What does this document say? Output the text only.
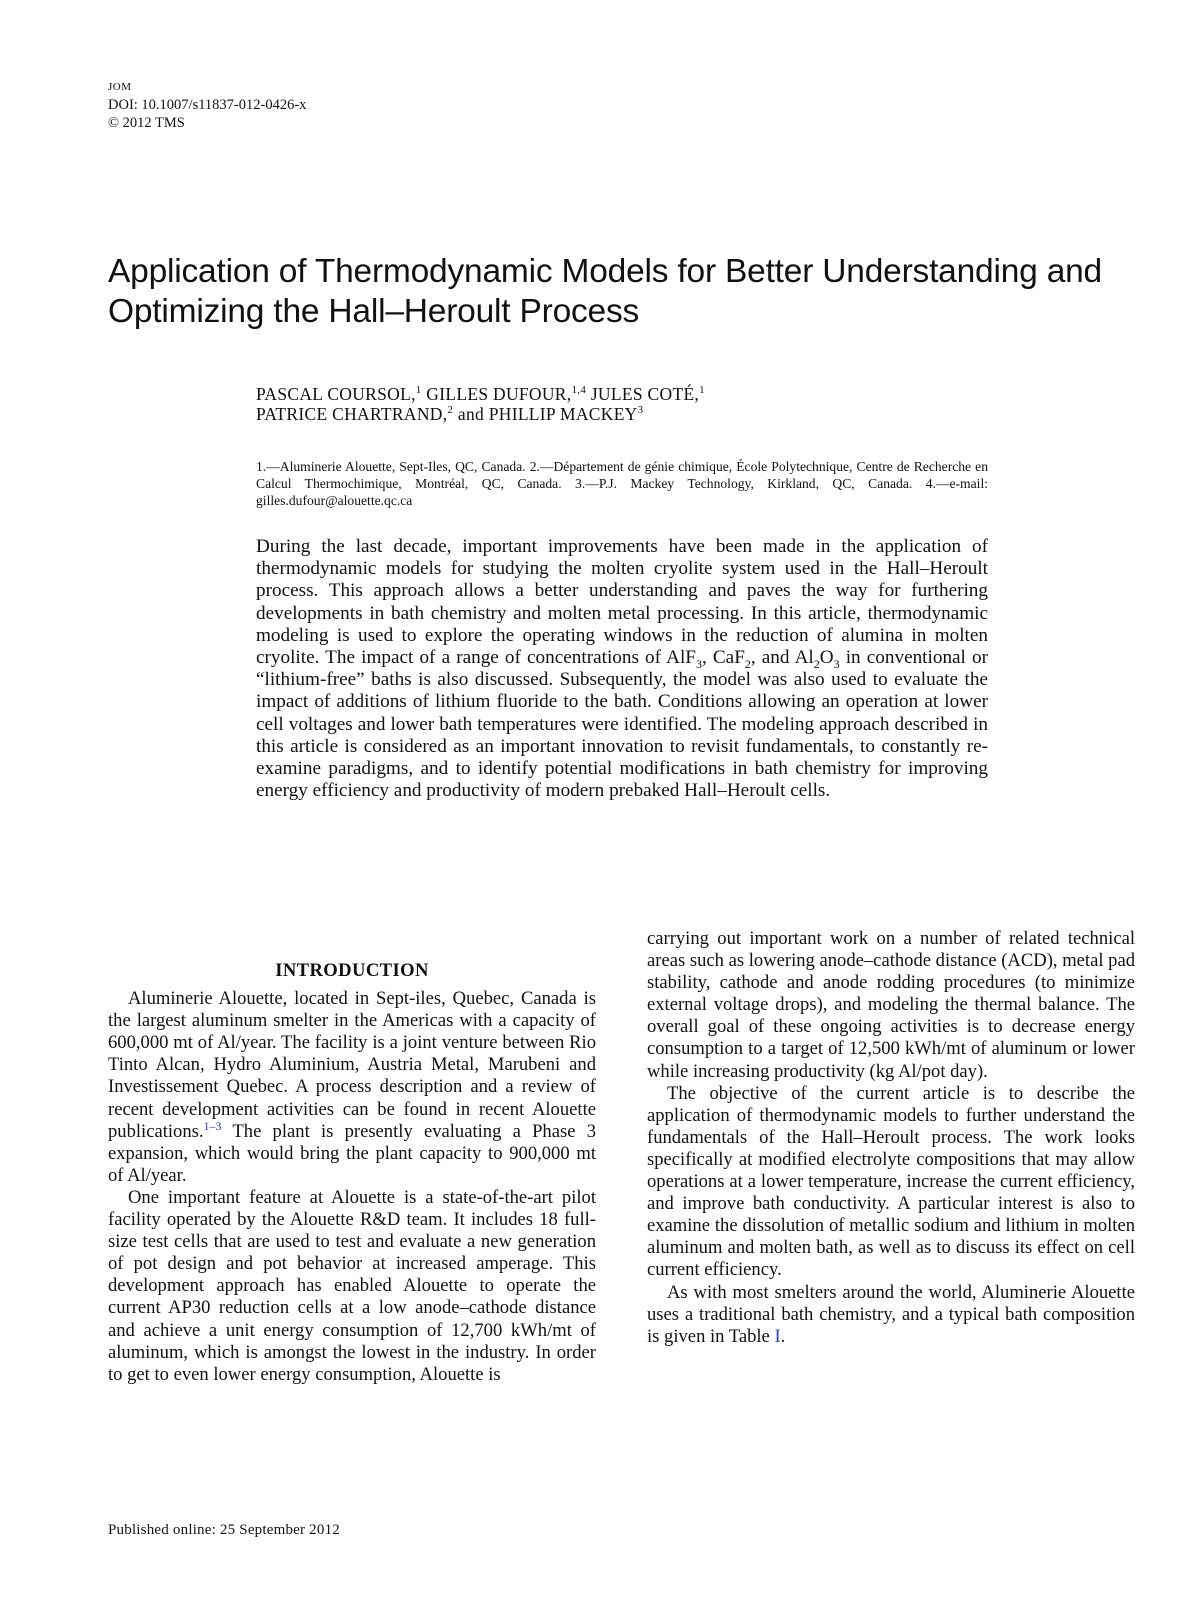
JOM
DOI: 10.1007/s11837-012-0426-x
© 2012 TMS
Application of Thermodynamic Models for Better Understanding and Optimizing the Hall–Heroult Process
PASCAL COURSOL,$^1$ GILLES DUFOUR,$^{1,4}$ JULES COTÉ,$^1$
PATRICE CHARTRAND,$^2$ and PHILLIP MACKEY$^3$
1.—Aluminerie Alouette, Sept-Iles, QC, Canada. 2.—Département de génie chimique, École Polytechnique, Centre de Recherche en Calcul Thermochimique, Montréal, QC, Canada. 3.—P.J. Mackey Technology, Kirkland, QC, Canada. 4.—e-mail: gilles.dufour@alouette.qc.ca
During the last decade, important improvements have been made in the application of thermodynamic models for studying the molten cryolite system used in the Hall–Heroult process. This approach allows a better understanding and paves the way for furthering developments in bath chemistry and molten metal processing. In this article, thermodynamic modeling is used to explore the operating windows in the reduction of alumina in molten cryolite. The impact of a range of concentrations of AlF$_3$, CaF$_2$, and $Al_2O_3$ in conventional or “lithium-free” baths is also discussed. Subsequently, the model was also used to evaluate the impact of additions of lithium fluoride to the bath. Conditions allowing an operation at lower cell voltages and lower bath temperatures were identified. The modeling approach described in this article is considered as an important innovation to revisit fundamentals, to constantly re-examine paradigms, and to identify potential modifications in bath chemistry for improving energy efficiency and productivity of modern prebaked Hall–Heroult cells.
INTRODUCTION

Aluminerie Alouette, located in Sept-iles, Quebec, Canada is the largest aluminum smelter in the Americas with a capacity of 600,000 mt of Al/year. The facility is a joint venture between Rio Tinto Alcan, Hydro Aluminium, Austria Metal, Marubeni and Investissement Quebec. A process description and a review of recent development activities can be found in recent Alouette publications.$^{1-3}$ The plant is presently evaluating a Phase 3 expansion, which would bring the plant capacity to 900,000 mt of Al/year.

One important feature at Alouette is a state-of-the-art pilot facility operated by the Alouette R&D team. It includes 18 full-size test cells that are used to test and evaluate a new generation of pot design and pot behavior at increased amperage. This development approach has enabled Alouette to operate the current AP30 reduction cells at a low anode–cathode distance and achieve a unit energy consumption of 12,700 kWh/mt of aluminum, which is amongst the lowest in the industry. In order to get to even lower energy consumption, Alouette is

carrying out important work on a number of related technical areas such as lowering anode–cathode distance (ACD), metal pad stability, cathode and anode rodding procedures (to minimize external voltage drops), and modeling the thermal balance. The overall goal of these ongoing activities is to decrease energy consumption to a target of 12,500 kWh/mt of aluminum or lower while increasing productivity (kg Al/pot day).

The objective of the current article is to describe the application of thermodynamic models to further understand the fundamentals of the Hall–Heroult process. The work looks specifically at modified electrolyte compositions that may allow operations at a lower temperature, increase the current efficiency, and improve bath conductivity. A particular interest is also to examine the dissolution of metallic sodium and lithium in molten aluminum and molten bath, as well as to discuss its effect on cell current efficiency.

As with most smelters around the world, Aluminerie Alouette uses a traditional bath chemistry, and a typical bath composition is given in Table I.

Published online: 25 September 2012
